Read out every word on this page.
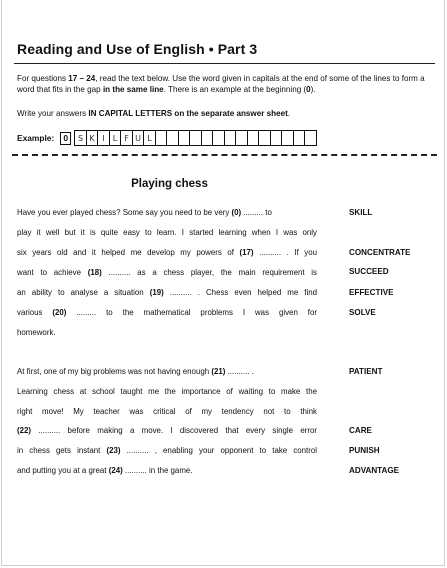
Reading and Use of English • Part 3
For questions 17 – 24, read the text below. Use the word given in capitals at the end of some of the lines to form a word that fits in the gap in the same line. There is an example at the beginning (0).
Write your answers IN CAPITAL LETTERS on the separate answer sheet.
Example:	0	S K I	L F U L
Playing chess
Have you ever played chess? Some say you need to be very (0) ......... to
play it well but it is quite easy to learn. I started learning when I was only
six years old and it helped me develop my powers of (17) .......... . If you
want to achieve (18) .......... as a chess player, the main requirement is
an ability to analyse a situation (19) .......... . Chess even helped me find
various (20) ......... to the mathematical problems I was given for
homework.
At first, one of my big problems was not having enough (21) .......... .
Learning chess at school taught me the importance of waiting to make the
right move! My teacher was critical of my tendency not to think
(22) .......... before making a move. I discovered that every single error
in chess gets instant (23) .......... , enabling your opponent to take control
and putting you at a great (24) .......... in the game.
SKILL
CONCENTRATE
SUCCEED
EFFECTIVE
SOLVE
PATIENT
CARE
PUNISH
ADVANTAGE
